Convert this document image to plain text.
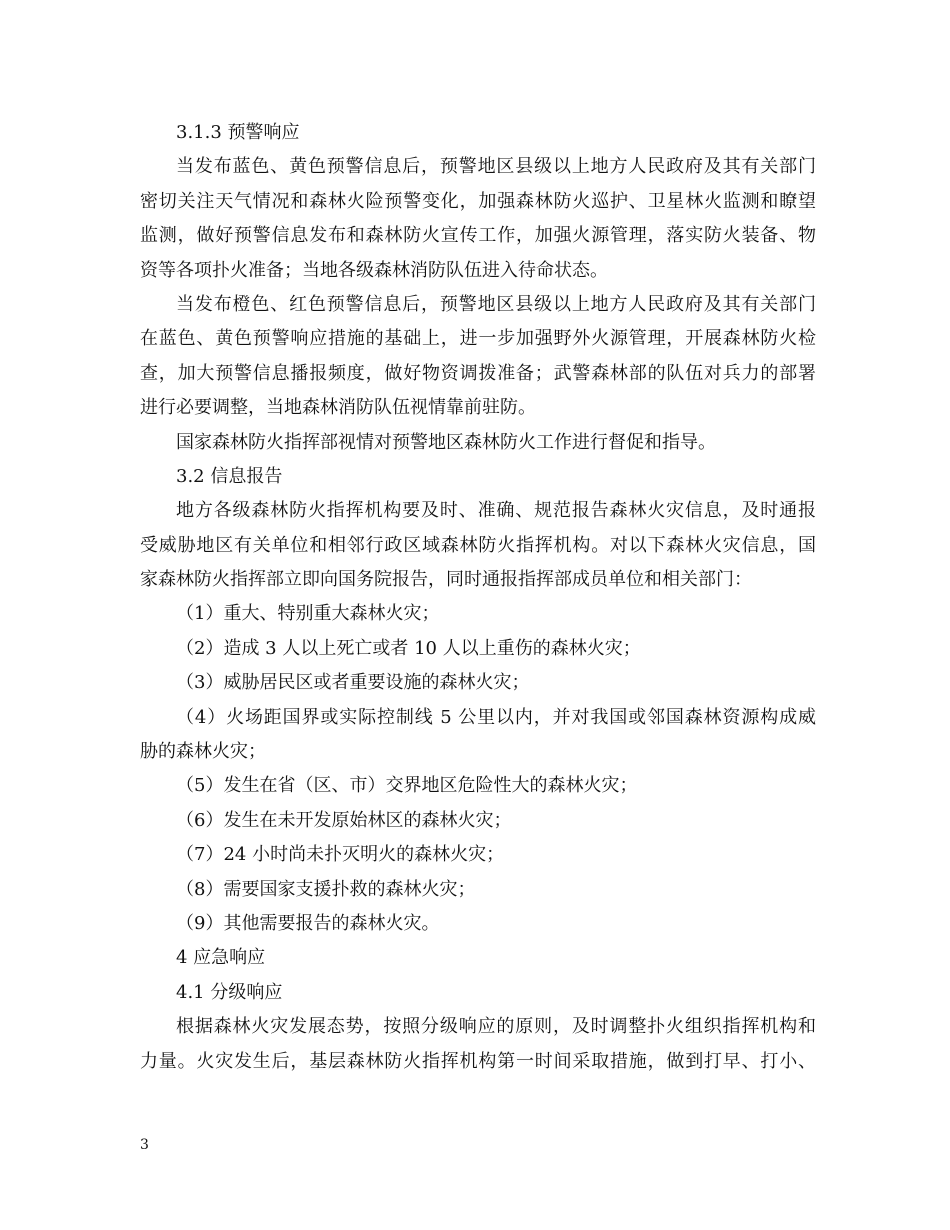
3.1.3 预警响应
当发布蓝色、黄色预警信息后，预警地区县级以上地方人民政府及其有关部门
密切关注天气情况和森林火险预警变化，加强森林防火巡护、卫星林火监测和瞭望
监测，做好预警信息发布和森林防火宣传工作，加强火源管理，落实防火装备、物
资等各项扑火准备；当地各级森林消防队伍进入待命状态。
当发布橙色、红色预警信息后，预警地区县级以上地方人民政府及其有关部门
在蓝色、黄色预警响应措施的基础上，进一步加强野外火源管理，开展森林防火检
查，加大预警信息播报频度，做好物资调拨准备；武警森林部的队伍对兵力的部署
进行必要调整，当地森林消防队伍视情靠前驻防。
国家森林防火指挥部视情对预警地区森林防火工作进行督促和指导。
3.2 信息报告
地方各级森林防火指挥机构要及时、准确、规范报告森林火灾信息，及时通报
受威胁地区有关单位和相邻行政区域森林防火指挥机构。对以下森林火灾信息，国
家森林防火指挥部立即向国务院报告，同时通报指挥部成员单位和相关部门：
（1）重大、特别重大森林火灾；
（2）造成 3 人以上死亡或者 10 人以上重伤的森林火灾；
（3）威胁居民区或者重要设施的森林火灾；
（4）火场距国界或实际控制线 5 公里以内，并对我国或邻国森林资源构成威
胁的森林火灾；
（5）发生在省（区、市）交界地区危险性大的森林火灾；
（6）发生在未开发原始林区的森林火灾；
（7）24 小时尚未扑灭明火的森林火灾；
（8）需要国家支援扑救的森林火灾；
（9）其他需要报告的森林火灾。
4 应急响应
4.1 分级响应
根据森林火灾发展态势，按照分级响应的原则，及时调整扑火组织指挥机构和
力量。火灾发生后，基层森林防火指挥机构第一时间采取措施，做到打早、打小、
3
